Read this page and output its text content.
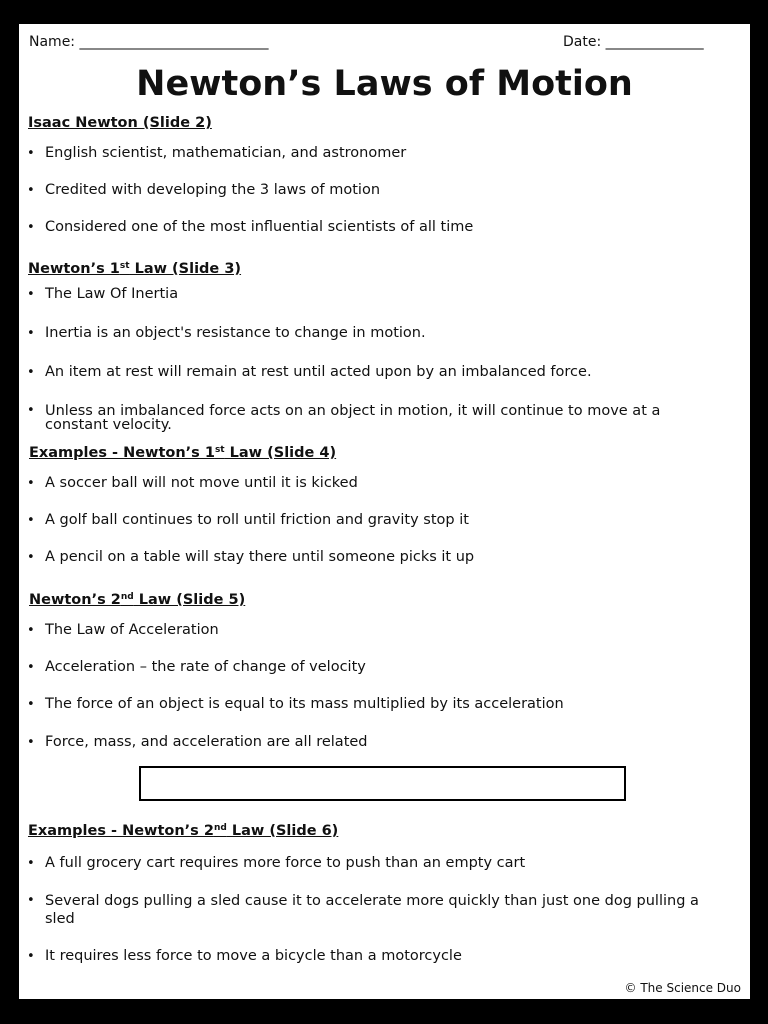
Name: ___________________________	Date: ______________
Newton’s Laws of Motion
Isaac Newton (Slide 2)
• English scientist, mathematician, and astronomer
• Credited with developing the 3 laws of motion
• Considered one of the most influential scientists of all time
Newton’s 1st Law (Slide 3)
• The Law Of Inertia
• Inertia is an object's resistance to change in motion.
• An item at rest will remain at rest until acted upon by an imbalanced force.
• Unless an imbalanced force acts on an object in motion, it will continue to move at a constant velocity.
Examples - Newton’s 1st Law (Slide 4)
• A soccer ball will not move until it is kicked
• A golf ball continues to roll until friction and gravity stop it
• A pencil on a table will stay there until someone picks it up
Newton’s 2nd Law (Slide 5)
• The Law of Acceleration
• Acceleration – the rate of change of velocity
• The force of an object is equal to its mass multiplied by its acceleration
• Force, mass, and acceleration are all related
Examples - Newton’s 2nd Law (Slide 6)
• A full grocery cart requires more force to push than an empty cart
• Several dogs pulling a sled cause it to accelerate more quickly than just one dog pulling a sled
• It requires less force to move a bicycle than a motorcycle
© The Science Duo
